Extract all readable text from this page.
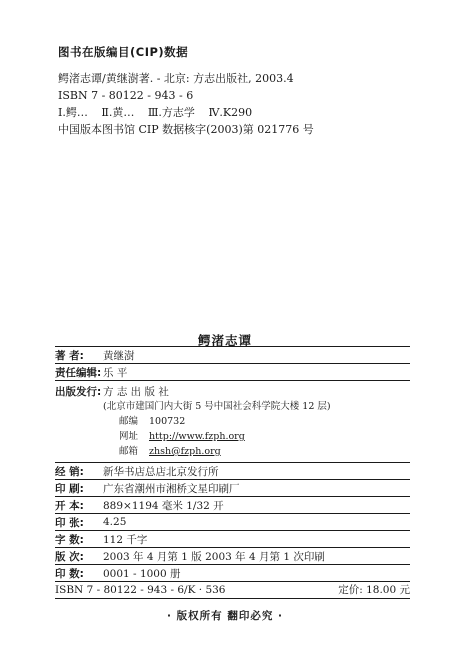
图书在版编目(CIP)数据
鳄渚志谭/黄继澍著. - 北京: 方志出版社, 2003.4
ISBN 7 - 80122 - 943 - 6
Ⅰ.鳄… Ⅱ.黄… Ⅲ.方志学 Ⅳ.K290
中国版本图书馆 CIP 数据核字(2003)第 021776 号
鳄渚志谭
著 者:	黄继澍
责任编辑: 乐 平
出版发行: 方 志 出 版 社
(北京市建国门内大街 5 号中国社会科学院大楼 12 层)
邮编	100732
网址	http://www.fzph.org
邮箱	zhsh@fzph.org
经 销:	新华书店总店北京发行所
印 刷:	广东省潮州市湘桥文星印刷厂
开 本:	889×1194 毫米 1/32 开
印 张:	4.25
字 数:	112 千字
版 次:	2003 年 4 月第 1 版 2003 年 4 月第 1 次印刷
印 数:	0001 - 1000 册
ISBN 7 - 80122 - 943 - 6/K · 536	定价: 18.00 元
· 版权所有 翻印必究 ·
